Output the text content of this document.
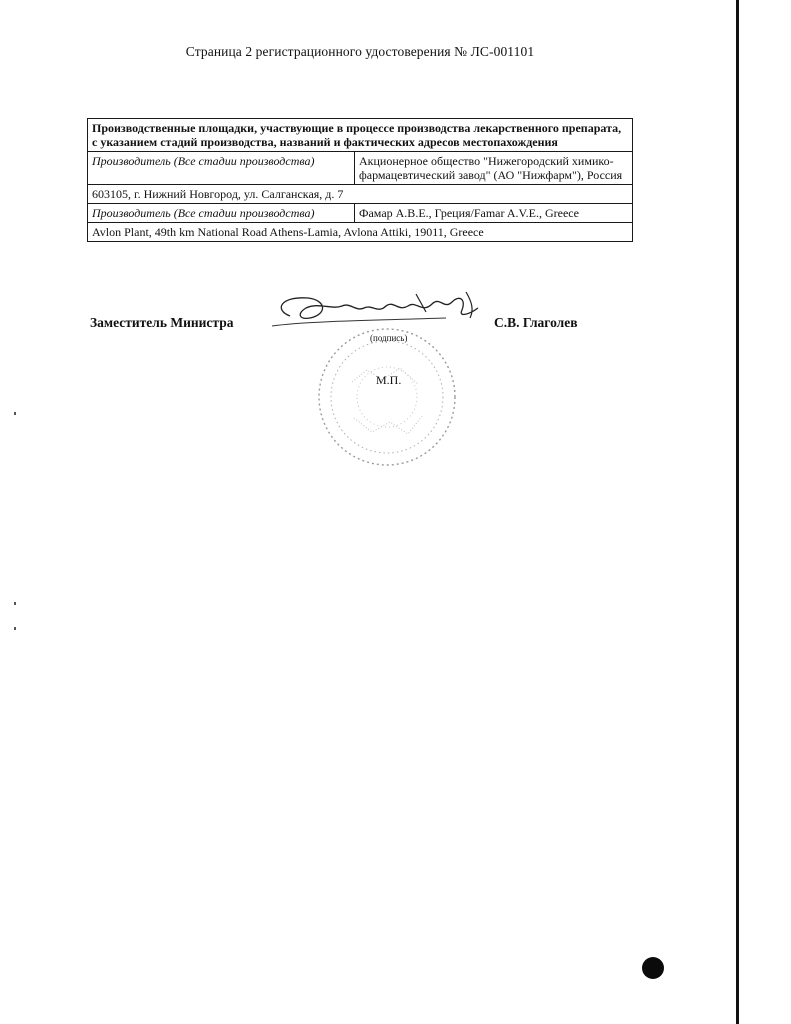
Страница 2 регистрационного удостоверения № ЛС-001101
Производственные площадки, участвующие в процессе производства лекарственного препарата, с указанием стадий производства, названий и фактических адресов местопахождения	
Производитель (Все стадии производства)	Акционерное общество "Нижегородский химико-фармацевтический завод" (АО "Нижфарм"), Россия
603105, г. Нижний Новгород, ул. Салганская, д. 7	
Производитель (Все стадии производства)	Фамар А.В.Е., Греция/Famar A.V.E., Greece
Avlon Plant, 49th km National Road Athens-Lamia, Avlona Attiki, 19011, Greece	
Заместитель Министра
(подпись)
С.В. Глаголев
М.П.
